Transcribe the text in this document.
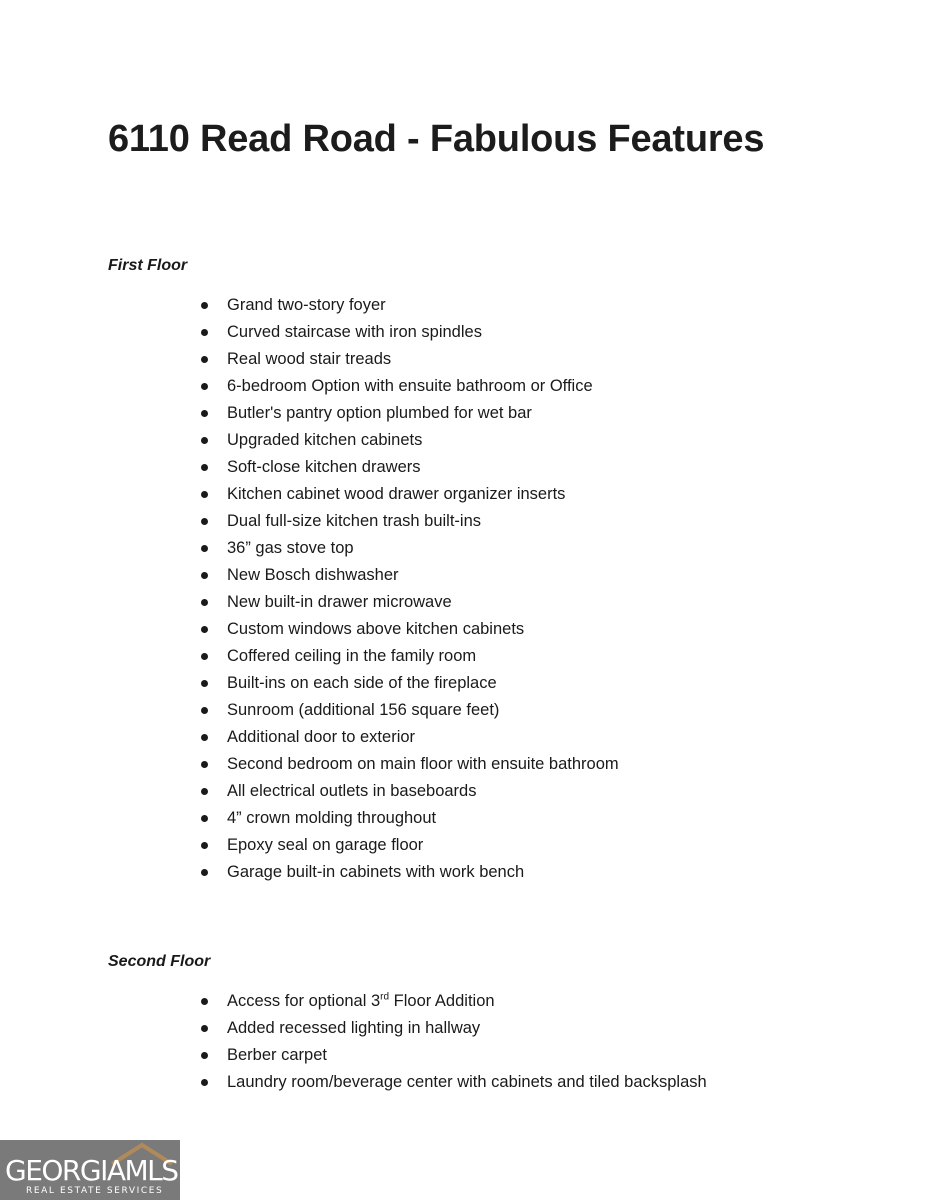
6110 Read Road - Fabulous Features
First Floor
Grand two-story foyer
Curved staircase with iron spindles
Real wood stair treads
6-bedroom Option with ensuite bathroom or Office
Butler's pantry option plumbed for wet bar
Upgraded kitchen cabinets
Soft-close kitchen drawers
Kitchen cabinet wood drawer organizer inserts
Dual full-size kitchen trash built-ins
36” gas stove top
New Bosch dishwasher
New built-in drawer microwave
Custom windows above kitchen cabinets
Coffered ceiling in the family room
Built-ins on each side of the fireplace
Sunroom (additional 156 square feet)
Additional door to exterior
Second bedroom on main floor with ensuite bathroom
All electrical outlets in baseboards
4” crown molding throughout
Epoxy seal on garage floor
Garage built-in cabinets with work bench
Second Floor
Access for optional 3rd Floor Addition
Added recessed lighting in hallway
Berber carpet
Laundry room/beverage center with cabinets and tiled backsplash
GEORGIAMLS
REAL ESTATE SERVICES
